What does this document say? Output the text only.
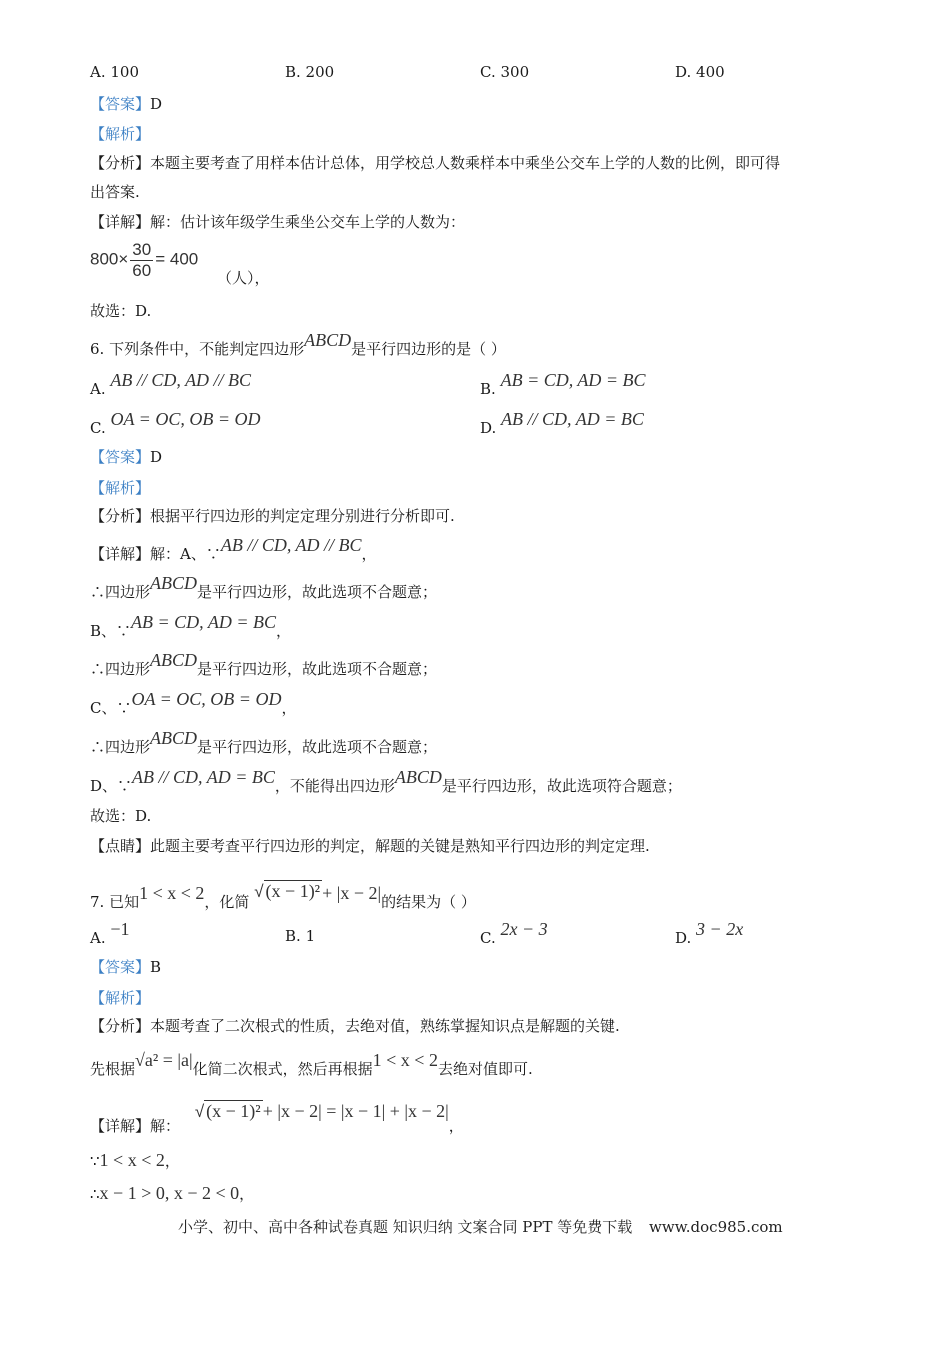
A. 100	B. 200	C. 300	D. 400
【答案】D
【解析】
【分析】本题主要考查了用样本估计总体，用学校总人数乘样本中乘坐公交车上学的人数的比例，即可得
出答案.
【详解】解：估计该年级学生乘坐公交车上学的人数为：
$800\times \frac{30}{60} = 400$ （人），
故选：D.
6. 下列条件中，不能判定四边形ABCD是平行四边形的是（ ）
A. AB // CD, AD // BC	B. AB = CD, AD = BC
C. OA = OC, OB = OD	D. AB // CD, AD = BC
【答案】D
【解析】
【分析】根据平行四边形的判定定理分别进行分析即可.
【详解】解：A、∵AB // CD, AD // BC，
∴四边形ABCD是平行四边形，故此选项不合题意；
B、∵AB = CD, AD = BC，
∴四边形ABCD是平行四边形，故此选项不合题意；
C、∵OA = OC, OB = OD，
∴四边形ABCD是平行四边形，故此选项不合题意；
D、∵AB // CD, AD = BC，不能得出四边形ABCD是平行四边形，故此选项符合题意；
故选：D.
【点睛】此题主要考查平行四边形的判定，解题的关键是熟知平行四边形的判定定理.
7. 已知1 < x < 2，化简 √ (x − 1)² + |x − 2|的结果为（ ）
A. −1	B. 1	C. 2x − 3	D. 3 − 2x
【答案】B
【解析】
【分析】本题考查了二次根式的性质，去绝对值，熟练掌握知识点是解题的关键.
先根据√a² = |a|化简二次根式，然后再根据1 < x < 2去绝对值即可.
【详解】解： √ (x − 1)² + |x − 2| = |x − 1| + |x − 2|，
∵1 < x < 2，
∴x − 1 > 0, x − 2 < 0，
小学、初中、高中各种试卷真题 知识归纳 文案合同 PPT 等免费下载 www.doc985.com
